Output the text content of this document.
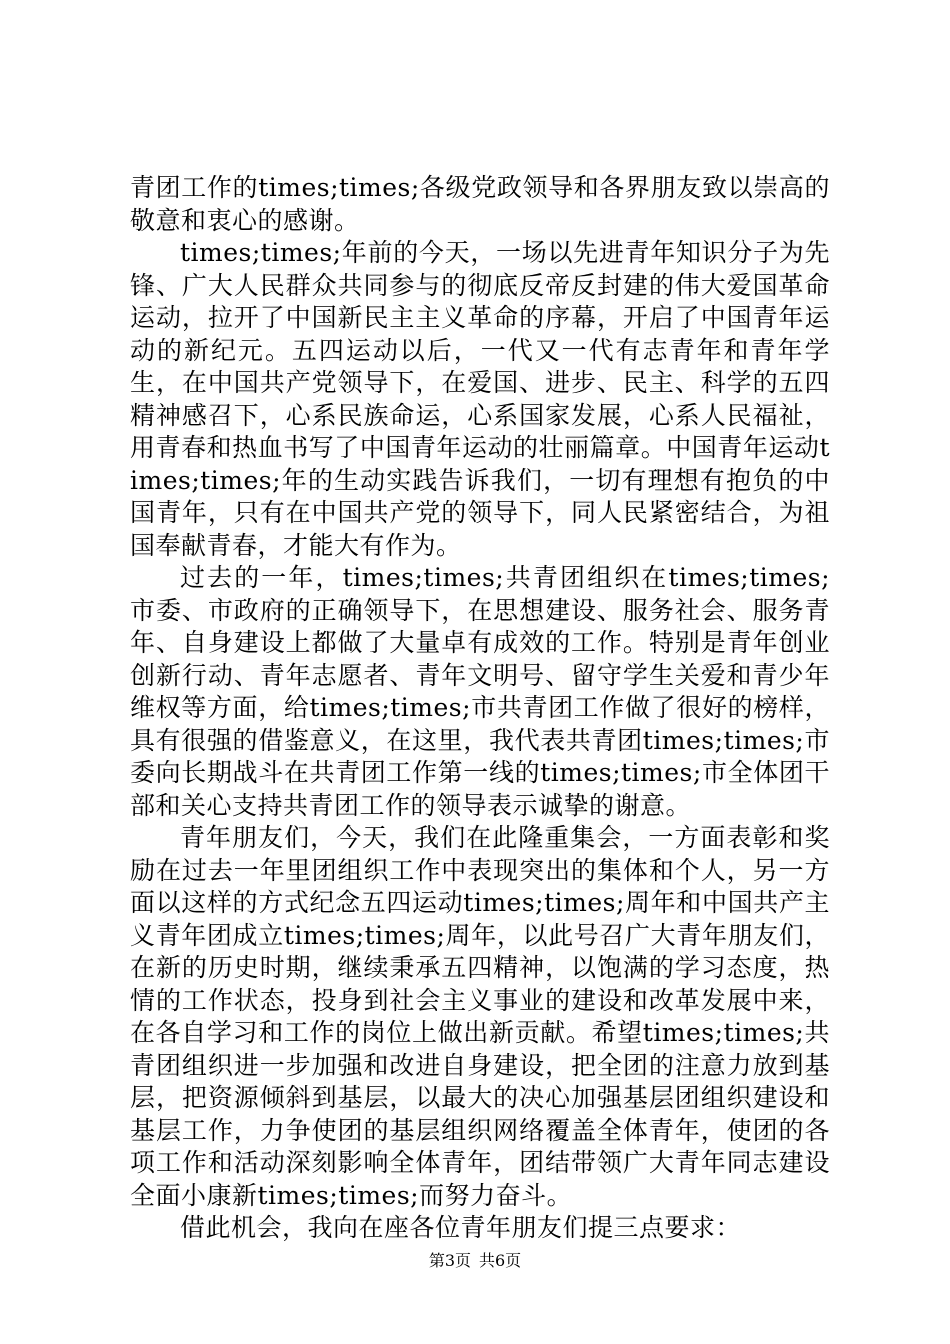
青团工作的times;times;各级党政领导和各界朋友致以崇高的敬意和衷心的感谢。

times;times;年前的今天，一场以先进青年知识分子为先锋、广大人民群众共同参与的彻底反帝反封建的伟大爱国革命运动，拉开了中国新民主主义革命的序幕，开启了中国青年运动的新纪元。五四运动以后，一代又一代有志青年和青年学生，在中国共产党领导下，在爱国、进步、民主、科学的五四精神感召下，心系民族命运，心系国家发展，心系人民福祉，用青春和热血书写了中国青年运动的壮丽篇章。中国青年运动times;times;年的生动实践告诉我们，一切有理想有抱负的中国青年，只有在中国共产党的领导下，同人民紧密结合，为祖国奉献青春，才能大有作为。

过去的一年，times;times;共青团组织在times;times;市委、市政府的正确领导下，在思想建设、服务社会、服务青年、自身建设上都做了大量卓有成效的工作。特别是青年创业创新行动、青年志愿者、青年文明号、留守学生关爱和青少年维权等方面，给times;times;市共青团工作做了很好的榜样，具有很强的借鉴意义，在这里，我代表共青团times;times;市委向长期战斗在共青团工作第一线的times;times;市全体团干部和关心支持共青团工作的领导表示诚挚的谢意。

青年朋友们，今天，我们在此隆重集会，一方面表彰和奖励在过去一年里团组织工作中表现突出的集体和个人，另一方面以这样的方式纪念五四运动times;times;周年和中国共产主义青年团成立times;times;周年，以此号召广大青年朋友们，在新的历史时期，继续秉承五四精神，以饱满的学习态度，热情的工作状态，投身到社会主义事业的建设和改革发展中来，在各自学习和工作的岗位上做出新贡献。希望times;times;共青团组织进一步加强和改进自身建设，把全团的注意力放到基层，把资源倾斜到基层，以最大的决心加强基层团组织建设和基层工作，力争使团的基层组织网络覆盖全体青年，使团的各项工作和活动深刻影响全体青年，团结带领广大青年同志建设全面小康新times;times;而努力奋斗。

借此机会，我向在座各位青年朋友们提三点要求：

第3页 共6页
